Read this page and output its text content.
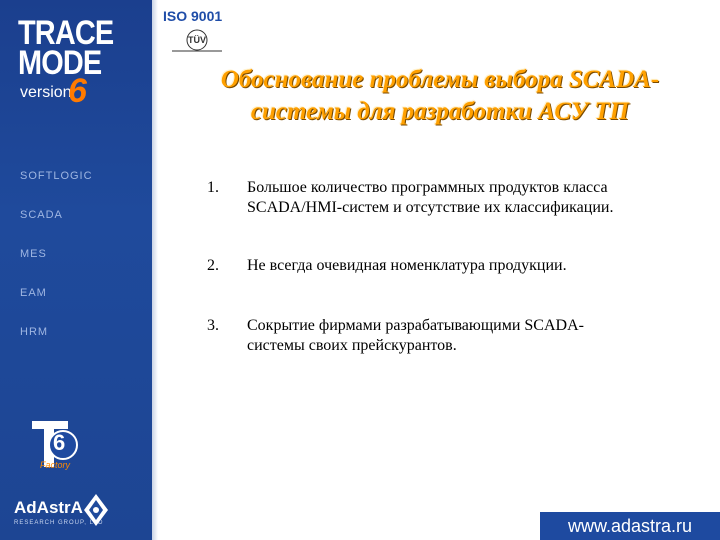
TRACE
MODE
version
6
SOFTLOGIC
SCADA
MES
EAM
HRM
6
Factory
AdAstrA
RESEARCH GROUP, LTD
ISO 9001
TÜV
Обоснование проблемы выбора SCADA-
системы для разработки АСУ ТП
1. Большое количество программных продуктов класса SCADA/HMI-систем и отсутствие их классификации.
2. Не всегда очевидная номенклатура продукции.
3. Сокрытие фирмами разрабатывающими SCADA-системы своих прейскурантов.
www.adastra.ru
